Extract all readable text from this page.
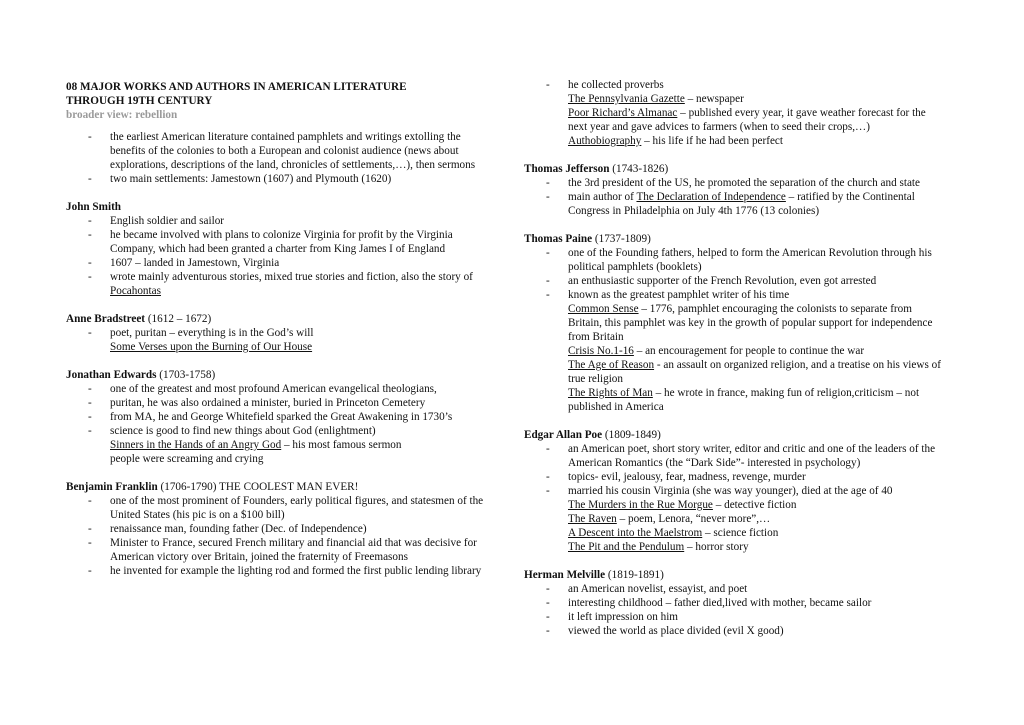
08 MAJOR WORKS AND AUTHORS IN AMERICAN LITERATURE
THROUGH 19TH CENTURY
broader view: rebellion
- the earliest American literature contained pamphlets and writings extolling the benefits of the colonies to both a European and colonist audience (news about explorations, descriptions of the land, chronicles of settlements,…), then sermons
- two main settlements: Jamestown (1607) and Plymouth (1620)
John Smith
- English soldier and sailor
- he became involved with plans to colonize Virginia for profit by the Virginia Company, which had been granted a charter from King James I of England
- 1607 – landed in Jamestown, Virginia
- wrote mainly adventurous stories, mixed true stories and fiction, also the story of Pocahontas
Anne Bradstreet (1612 – 1672)
- poet, puritan – everything is in the God’s will
Some Verses upon the Burning of Our House
Jonathan Edwards (1703-1758)
- one of the greatest and most profound American evangelical theologians,
- puritan, he was also ordained a minister, buried in Princeton Cemetery
- from MA, he and George Whitefield sparked the Great Awakening in 1730’s
- science is good to find new things about God (enlightment)
Sinners in the Hands of an Angry God – his most famous sermon
people were screaming and crying
Benjamin Franklin (1706-1790) THE COOLEST MAN EVER!
- one of the most prominent of Founders, early political figures, and statesmen of the United States (his pic is on a $100 bill)
- renaissance man, founding father (Dec. of Independence)
- Minister to France, secured French military and financial aid that was decisive for American victory over Britain, joined the fraternity of Freemasons
- he invented for example the lighting rod and formed the first public lending library
- he collected proverbs
The Pennsylvania Gazette – newspaper
Poor Richard’s Almanac – published every year, it gave weather forecast for the next year and gave advices to farmers (when to seed their crops,…)
Authobiography – his life if he had been perfect
Thomas Jefferson (1743-1826)
- the 3rd president of the US, he promoted the separation of the church and state
- main author of The Declaration of Independence – ratified by the Continental Congress in Philadelphia on July 4th 1776 (13 colonies)
Thomas Paine (1737-1809)
- one of the Founding fathers, helped to form the American Revolution through his political pamphlets (booklets)
- an enthusiastic supporter of the French Revolution, even got arrested
- known as the greatest pamphlet writer of his time
Common Sense – 1776, pamphlet encouraging the colonists to separate from Britain, this pamphlet was key in the growth of popular support for independence from Britain
Crisis No.1-16 – an encouragement for people to continue the war
The Age of Reason - an assault on organized religion, and a treatise on his views of true religion
The Rights of Man – he wrote in france, making fun of religion,criticism – not published in America
Edgar Allan Poe (1809-1849)
- an American poet, short story writer, editor and critic and one of the leaders of the American Romantics (the “Dark Side”- interested in psychology)
- topics- evil, jealousy, fear, madness, revenge, murder
- married his cousin Virginia (she was way younger), died at the age of 40
The Murders in the Rue Morgue – detective fiction
The Raven – poem, Lenora, “never more”,…
A Descent into the Maelstrom – science fiction
The Pit and the Pendulum – horror story
Herman Melville (1819-1891)
- an American novelist, essayist, and poet
- interesting childhood – father died,lived with mother, became sailor
- it left impression on him
- viewed the world as place divided (evil X good)
